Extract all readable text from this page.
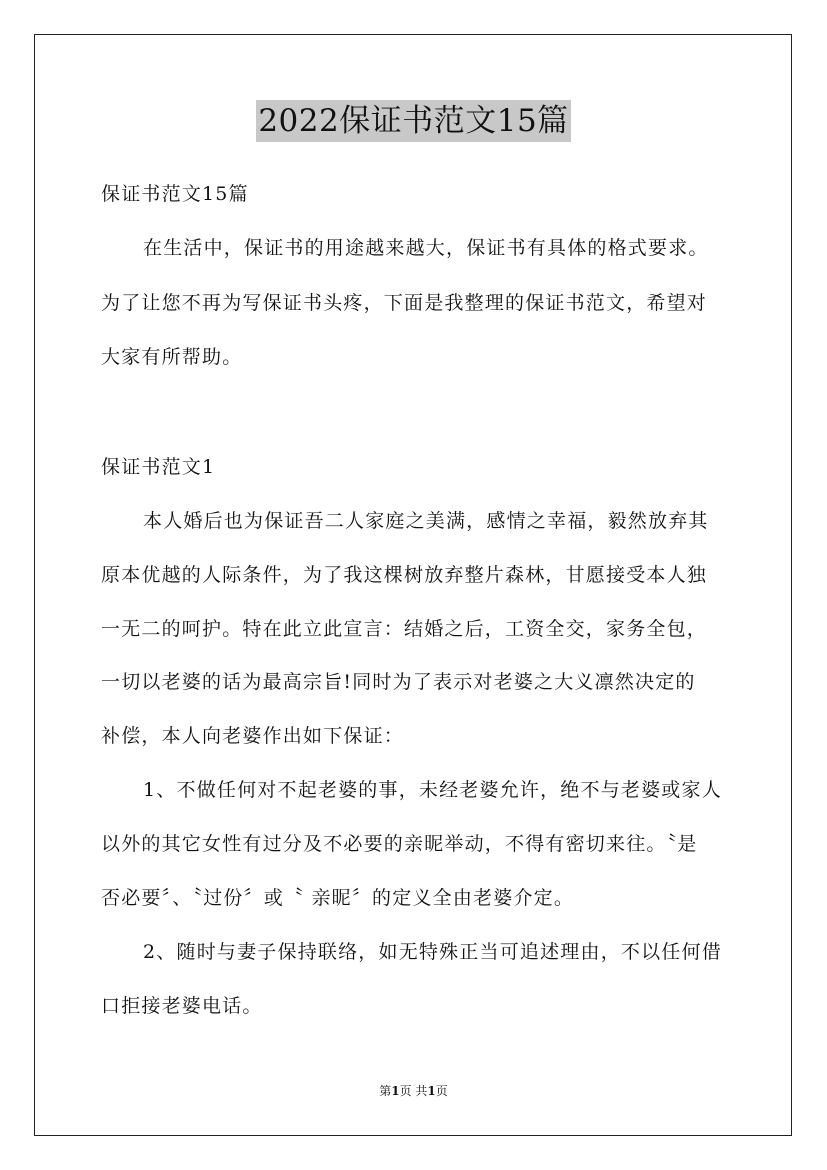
2022保证书范文15篇

保证书范文15篇

在生活中，保证书的用途越来越大，保证书有具体的格式要求。

为了让您不再为写保证书头疼，下面是我整理的保证书范文，希望对

大家有所帮助。

保证书范文1

本人婚后也为保证吾二人家庭之美满，感情之幸福，毅然放弃其

原本优越的人际条件，为了我这棵树放弃整片森林，甘愿接受本人独

一无二的呵护。特在此立此宣言：结婚之后，工资全交，家务全包，

一切以老婆的话为最高宗旨!同时为了表示对老婆之大义凛然决定的

补偿，本人向老婆作出如下保证：

1、不做任何对不起老婆的事，未经老婆允许，绝不与老婆或家人

以外的其它女性有过分及不必要的亲昵举动，不得有密切来往。〝是

否必要〞、〝过份〞或〝 亲昵〞的定义全由老婆介定。

2、随时与妻子保持联络，如无特殊正当可追述理由，不以任何借

口拒接老婆电话。

第1页 共1页
